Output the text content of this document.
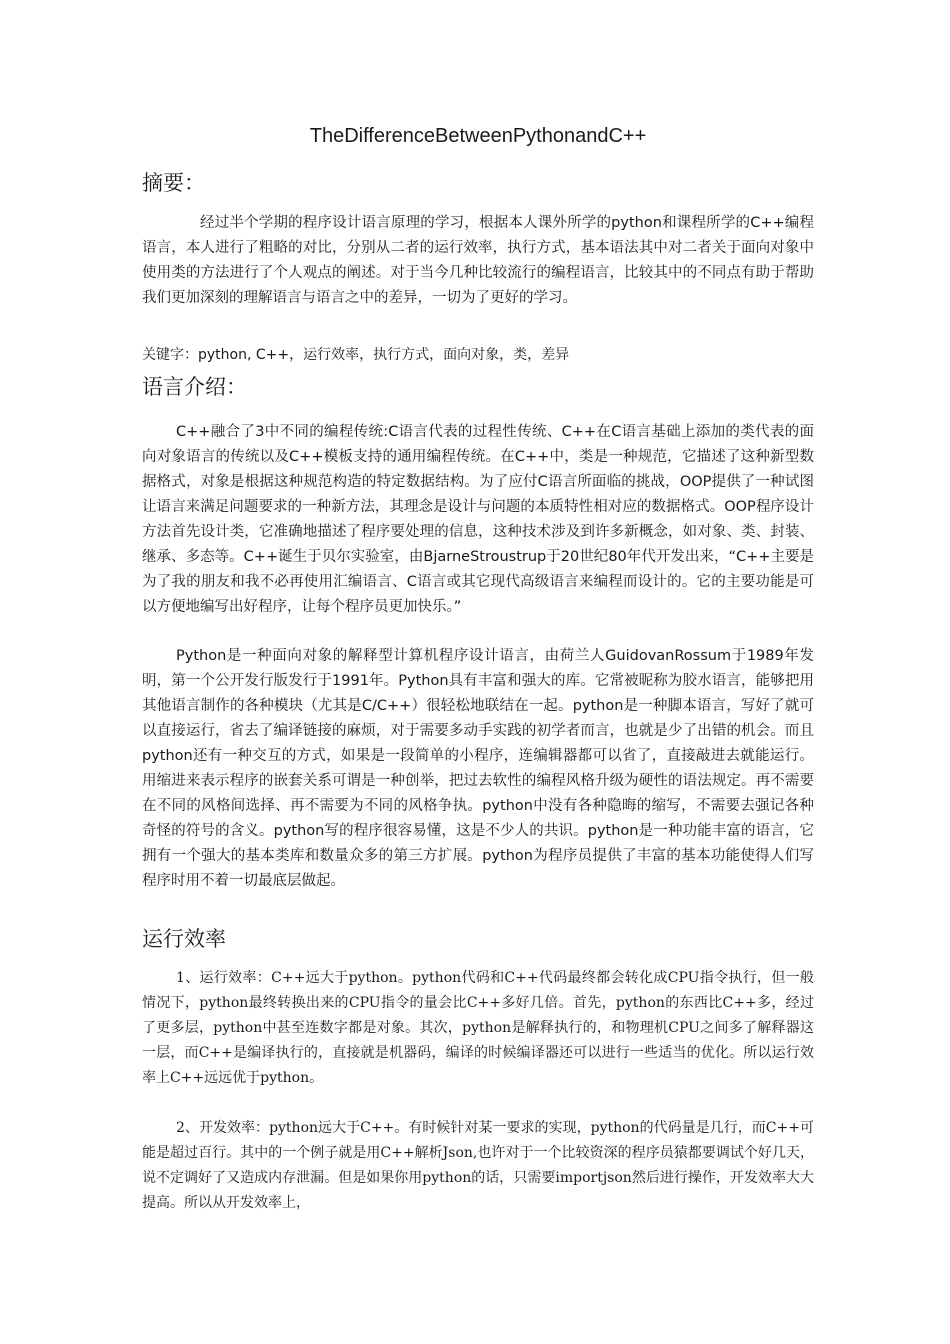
TheDifferenceBetweenPythonandC++
摘要：

经过半个学期的程序设计语言原理的学习，根据本人课外所学的python和课程所学的C++编程语言，本人进行了粗略的对比，分别从二者的运行效率，执行方式，基本语法其中对二者关于面向对象中使用类的方法进行了个人观点的阐述。对于当今几种比较流行的编程语言，比较其中的不同点有助于帮助我们更加深刻的理解语言与语言之中的差异，一切为了更好的学习。

关键字：python, C++，运行效率，执行方式，面向对象，类，差异

语言介绍：

C++融合了3中不同的编程传统:C语言代表的过程性传统、C++在C语言基础上添加的类代表的面向对象语言的传统以及C++模板支持的通用编程传统。在C++中，类是一种规范，它描述了这种新型数据格式，对象是根据这种规范构造的特定数据结构。为了应付C语言所面临的挑战，OOP提供了一种试图让语言来满足问题要求的一种新方法，其理念是设计与问题的本质特性相对应的数据格式。OOP程序设计方法首先设计类，它准确地描述了程序要处理的信息，这种技术涉及到许多新概念，如对象、类、封装、继承、多态等。C++诞生于贝尔实验室，由BjarneStroustrup于20世纪80年代开发出来，“C++主要是为了我的朋友和我不必再使用汇编语言、C语言或其它现代高级语言来编程而设计的。它的主要功能是可以方便地编写出好程序，让每个程序员更加快乐。”

Python是一种面向对象的解释型计算机程序设计语言，由荷兰人GuidovanRossum于1989年发明，第一个公开发行版发行于1991年。Python具有丰富和强大的库。它常被昵称为胶水语言，能够把用其他语言制作的各种模块（尤其是C/C++）很轻松地联结在一起。python是一种脚本语言，写好了就可以直接运行，省去了编译链接的麻烦，对于需要多动手实践的初学者而言，也就是少了出错的机会。而且python还有一种交互的方式，如果是一段简单的小程序，连编辑器都可以省了，直接敲进去就能运行。用缩进来表示程序的嵌套关系可谓是一种创举，把过去软性的编程风格升级为硬性的语法规定。再不需要在不同的风格间选择、再不需要为不同的风格争执。python中没有各种隐晦的缩写，不需要去强记各种奇怪的符号的含义。python写的程序很容易懂，这是不少人的共识。python是一种功能丰富的语言，它拥有一个强大的基本类库和数量众多的第三方扩展。python为程序员提供了丰富的基本功能使得人们写程序时用不着一切最底层做起。

运行效率

1、运行效率：C++远大于python。python代码和C++代码最终都会转化成CPU指令执行，但一般情况下，python最终转换出来的CPU指令的量会比C++多好几倍。首先，python的东西比C++多，经过了更多层，python中甚至连数字都是对象。其次，python是解释执行的，和物理机CPU之间多了解释器这一层，而C++是编译执行的，直接就是机器码，编译的时候编译器还可以进行一些适当的优化。所以运行效率上C++远远优于python。

2、开发效率：python远大于C++。有时候针对某一要求的实现，python的代码量是几行，而C++可能是超过百行。其中的一个例子就是用C++解析Json,也许对于一个比较资深的程序员猿都要调试个好几天，说不定调好了又造成内存泄漏。但是如果你用python的话，只需要importjson然后进行操作，开发效率大大提高。所以从开发效率上，
